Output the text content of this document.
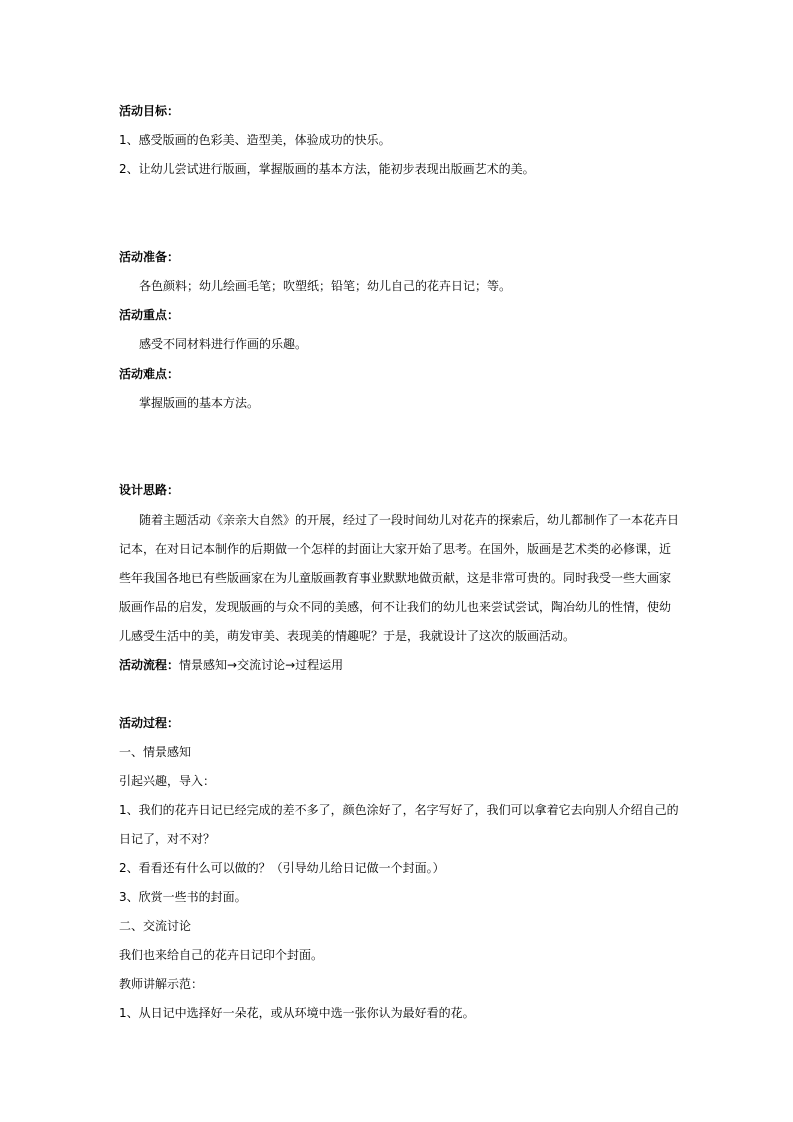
活动目标：
1、感受版画的色彩美、造型美，体验成功的快乐。
2、让幼儿尝试进行版画，掌握版画的基本方法，能初步表现出版画艺术的美。
活动准备：
各色颜料；幼儿绘画毛笔；吹塑纸；铅笔；幼儿自己的花卉日记；等。
活动重点：
感受不同材料进行作画的乐趣。
活动难点：
掌握版画的基本方法。
设计思路：
随着主题活动《亲亲大自然》的开展，经过了一段时间幼儿对花卉的探索后，幼儿都制作了一本花卉日
记本，在对日记本制作的后期做一个怎样的封面让大家开始了思考。在国外，版画是艺术类的必修课，近
些年我国各地已有些版画家在为儿童版画教育事业默默地做贡献，这是非常可贵的。同时我受一些大画家
版画作品的启发，发现版画的与众不同的美感，何不让我们的幼儿也来尝试尝试，陶冶幼儿的性情，使幼
儿感受生活中的美，萌发审美、表现美的情趣呢？于是，我就设计了这次的版画活动。
活动流程：情景感知→交流讨论→过程运用
活动过程：
一、情景感知
引起兴趣，导入：
1、我们的花卉日记已经完成的差不多了，颜色涂好了，名字写好了，我们可以拿着它去向别人介绍自己的
日记了，对不对？
2、看看还有什么可以做的？（引导幼儿给日记做一个封面。）
3、欣赏一些书的封面。
二、交流讨论
我们也来给自己的花卉日记印个封面。
教师讲解示范：
1、从日记中选择好一朵花，或从环境中选一张你认为最好看的花。
